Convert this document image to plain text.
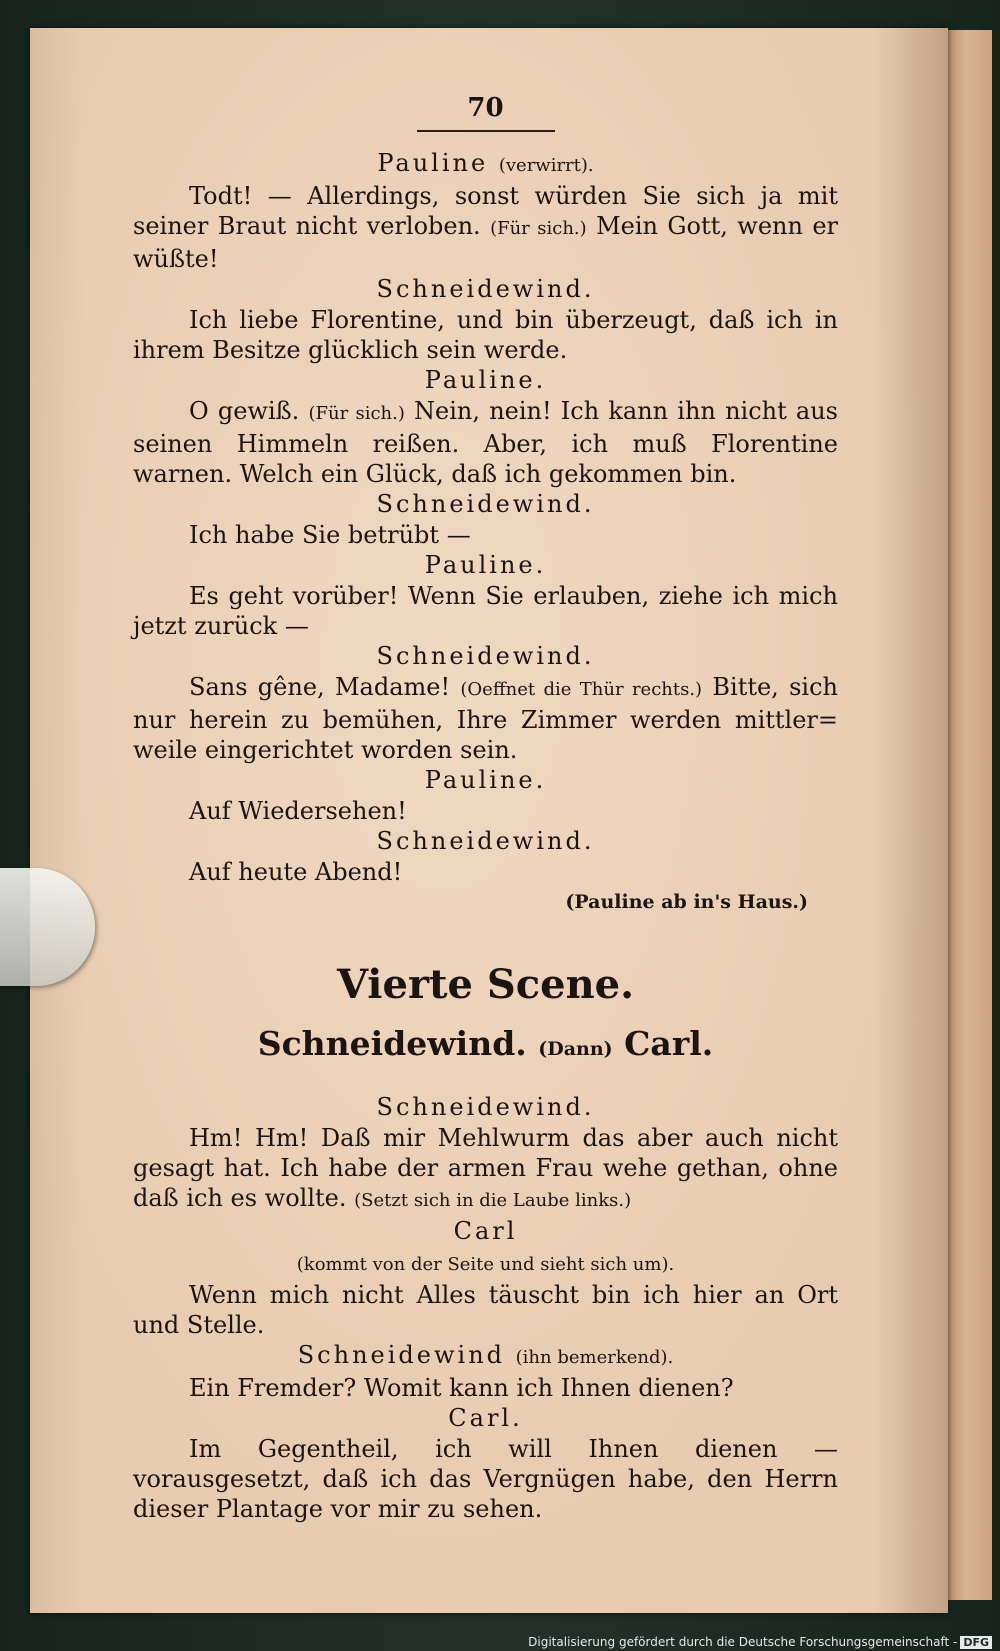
70

Pauline (verwirrt).

Todt! — Allerdings, sonst würden Sie sich ja mit seiner Braut nicht verloben. (Für sich.) Mein Gott, wenn er wüßte!

Schneidewind.

Ich liebe Florentine, und bin überzeugt, daß ich in ihrem Besitze glücklich sein werde.

Pauline.

O gewiß. (Für sich.) Nein, nein! Ich kann ihn nicht aus seinen Himmeln reißen. Aber, ich muß Florentine warnen. Welch ein Glück, daß ich gekommen bin.

Schneidewind.

Ich habe Sie betrübt —

Pauline.

Es geht vorüber! Wenn Sie erlauben, ziehe ich mich jetzt zurück —

Schneidewind.

Sans gêne, Madame! (Oeffnet die Thür rechts.) Bitte, sich nur herein zu bemühen, Ihre Zimmer werden mittler= weile eingerichtet worden sein.

Pauline.

Auf Wiedersehen!

Schneidewind.

Auf heute Abend!

(Pauline ab in's Haus.)

Vierte Scene.
Schneidewind. (Dann) Carl.

Schneidewind.

Hm! Hm! Daß mir Mehlwurm das aber auch nicht gesagt hat. Ich habe der armen Frau wehe gethan, ohne daß ich es wollte. (Setzt sich in die Laube links.)

Carl

(kommt von der Seite und sieht sich um).

Wenn mich nicht Alles täuscht bin ich hier an Ort und Stelle.

Schneidewind (ihn bemerkend).

Ein Fremder? Womit kann ich Ihnen dienen?

Carl.

Im Gegentheil, ich will Ihnen dienen — vorausgesetzt, daß ich das Vergnügen habe, den Herrn dieser Plantage vor mir zu sehen.

Digitalisierung gefördert durch die Deutsche Forschungsgemeinschaft - DFG
